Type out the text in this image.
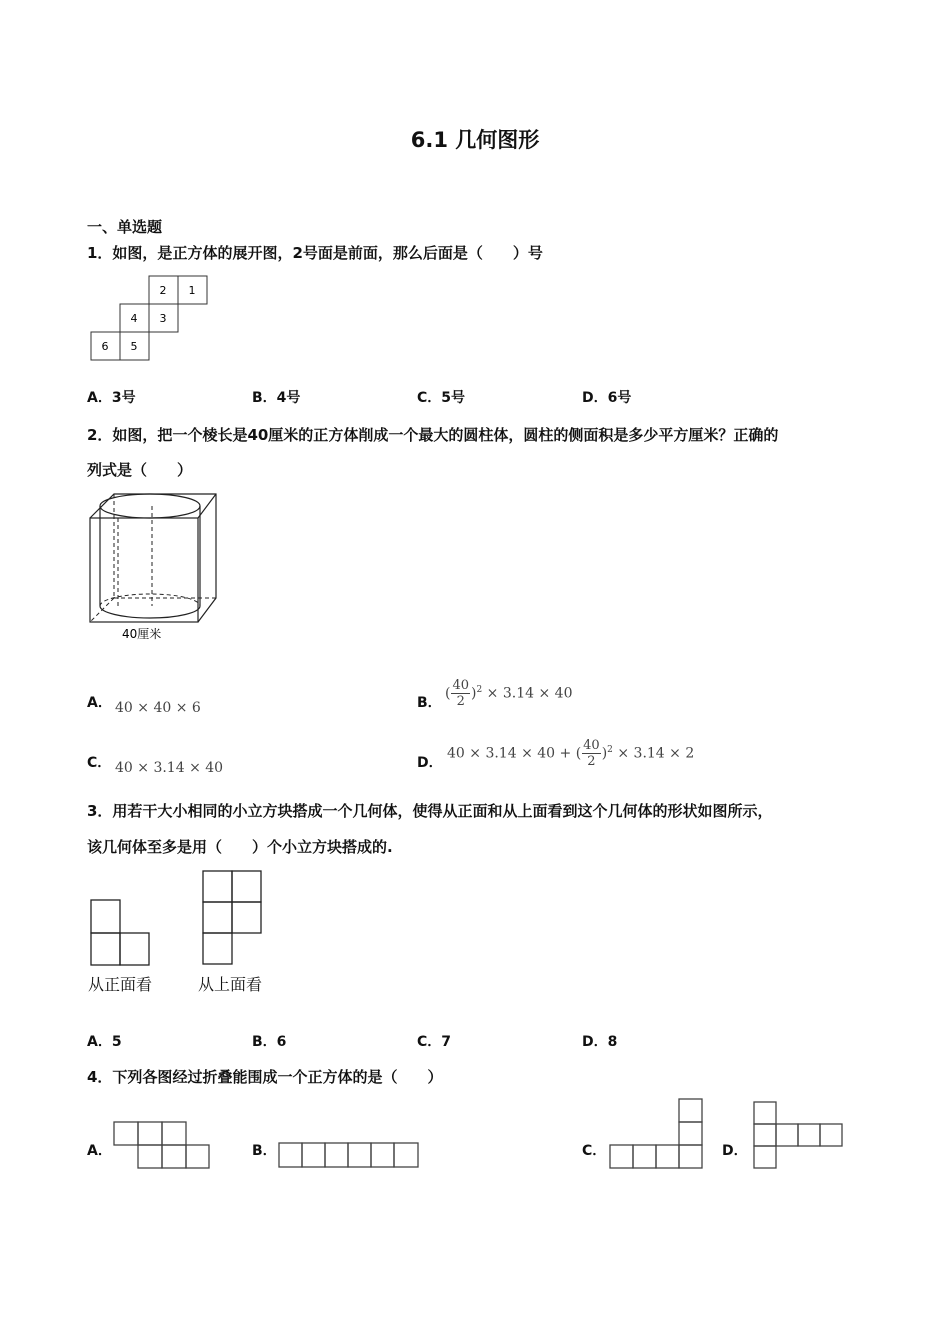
6.1 几何图形
一、单选题
1．如图，是正方体的展开图，2号面是前面，那么后面是（　　）号
2 1
4 3
6 5
A．3号	B．4号	C．5号	D．6号
2．如图，把一个棱长是40厘米的正方体削成一个最大的圆柱体，圆柱的侧面积是多少平方厘米？正确的
列式是（　　）
40厘米
A． 40 × 40 × 6	B．
( $\frac{40}{2} )^2 \times 3.14 \times 40$
C． 40 × 3.14 × 40	D．
40 × 3.14 × 40 + ( $\frac{40}{2} )^2 \times 3.14 \times 2$
3．用若干大小相同的小立方块搭成一个几何体，使得从正面和从上面看到这个几何体的形状如图所示，
该几何体至多是用（　　）个小立方块搭成的.
从正面看	从上面看
A．5	B．6	C．7	D．8
4．下列各图经过折叠能围成一个正方体的是（　　）
A．	B．	C．	D．
